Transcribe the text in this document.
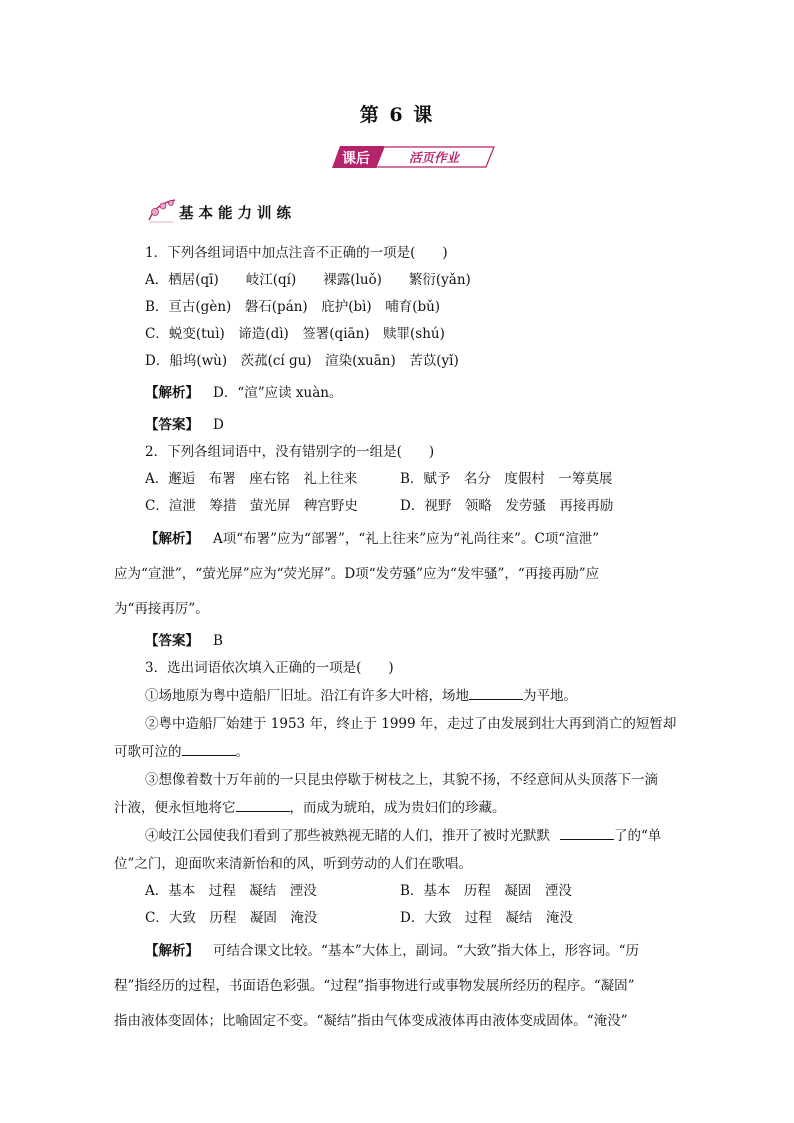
第 6 课
课后	活页作业
基本能力训练
1．下列各组词语中加点注音不正确的一项是(　　)
A．栖居(qī)　　岐江(qí)　　裸露(luǒ)　　繁衍(yǎn)
B．亘古(gèn)　磐石(pán)　庇护(bì)　哺育(bǔ)
C．蜕变(tuì)　谛造(dì)　签署(qiān)　赎罪(shú)
D．船坞(wù)　茨菰(cí ɡu)　渲染(xuān)　苦苡(yǐ)
【解析】 D．“渲”应读 xuàn。
【答案】 D
2．下列各组词语中，没有错别字的一组是(　　)
A．邂逅　布署　座右铭　礼上往来	B．赋予　名分　度假村　一筹莫展
C．渲泄　筹措　萤光屏　稗宫野史	D．视野　领略　发劳骚　再接再励
【解析】 A项“布署”应为“部署”，“礼上往来”应为“礼尚往来”。C项“渲泄”
应为“宣泄”，“萤光屏”应为“荧光屏”。D项“发劳骚”应为“发牢骚”，“再接再励”应
为“再接再厉”。
【答案】 B
3．选出词语依次填入正确的一项是(　　)
①场地原为粤中造船厂旧址。沿江有许多大叶榕，场地	为平地。
②粤中造船厂始建于 1953 年，终止于 1999 年，走过了由发展到壮大再到消亡的短暂却
可歌可泣的	。
③想像着数十万年前的一只昆虫停歇于树枝之上，其貌不扬，不经意间从头顶落下一滴
汁液，便永恒地将它	，而成为琥珀，成为贵妇们的珍藏。
④岐江公园使我们看到了那些被熟视无睹的人们，推开了被时光默默	了的“单
位”之门，迎面吹来清新怡和的风，听到劳动的人们在歌唱。
A．基本　过程　凝结　湮没	B．基本　历程　凝固　湮没
C．大致　历程　凝固　淹没	D．大致　过程　凝结　淹没
【解析】 可结合课文比较。“基本”大体上，副词。“大致”指大体上，形容词。“历
程”指经历的过程，书面语色彩强。“过程”指事物进行或事物发展所经历的程序。“凝固”
指由液体变固体；比喻固定不变。“凝结”指由气体变成液体再由液体变成固体。“淹没”
